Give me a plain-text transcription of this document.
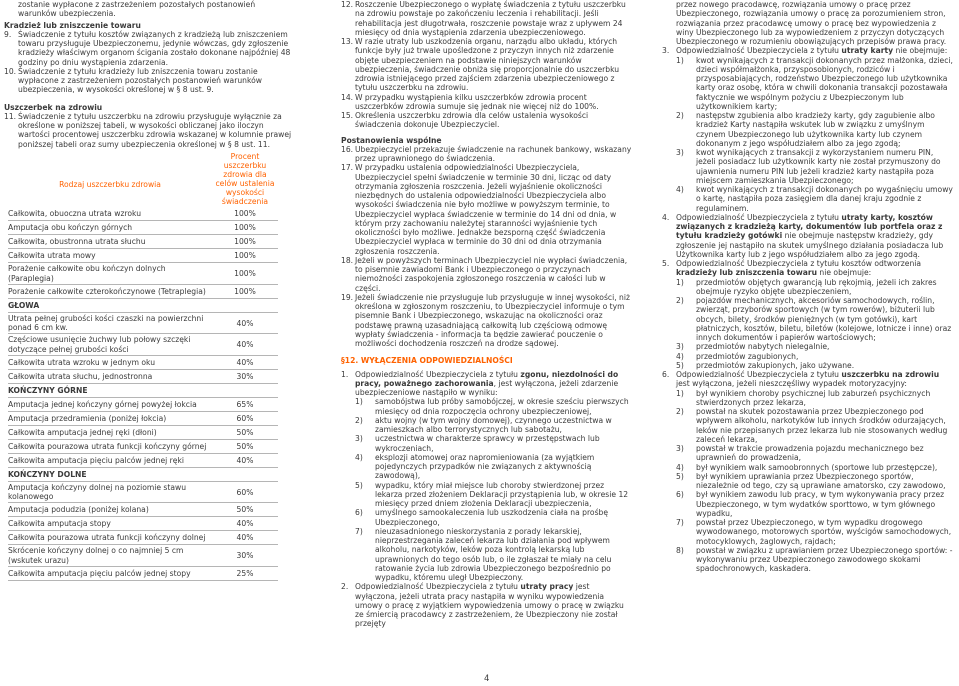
zostanie wypłacone z zastrzeżeniem pozostałych postanowień warunków ubezpieczenia.

Kradzież lub zniszczenie towaru

9. Świadczenie z tytułu kosztów związanych z kradzieżą lub zniszczeniem towaru przysługuje Ubezpieczonemu, jedynie wówczas, gdy zgłoszenie kradzieży właściwym organom ścigania zostało dokonane najpóźniej 48 godziny po dniu wystąpienia zdarzenia.

10. Świadczenie z tytułu kradzieży lub zniszczenia towaru zostanie wypłacone z zastrzeżeniem pozostałych postanowień warunków ubezpieczenia, w wysokości określonej w § 8 ust. 9.

Uszczerbek na zdrowiu

11. Świadczenie z tytułu uszczerbku na zdrowiu przysługuje wyłącznie za określone w poniższej tabeli, w wysokości obliczanej jako iloczyn wartości procentowej uszczerbku zdrowia wskazanej w kolumnie prawej poniższej tabeli oraz sumy ubezpieczenia określonej w § 8 ust. 11.

Rodzaj uszczerbku zdrowia	Procent uszczerbku zdrowia dla celów ustalenia wysokości świadczenia
Całkowita, obuoczna utrata wzroku	100%
Amputacja obu kończyn górnych	100%
Całkowita, obustronna utrata słuchu	100%
Całkowita utrata mowy	100%
Porażenie całkowite obu kończyn dolnych (Paraplegia)	100%
Porażenie całkowite czterokończynowe (Tetraplegia)	100%
GŁOWA	
Utrata pełnej grubości kości czaszki na powierzchni ponad 6 cm kw.	40%
Częściowe usunięcie żuchwy lub połowy szczęki dotyczące pełnej grubości kości	40%
Całkowita utrata wzroku w jednym oku	40%
Całkowita utrata słuchu, jednostronna	30%
KOŃCZYNY GÓRNE	
Amputacja jednej kończyny górnej powyżej łokcia	65%
Amputacja przedramienia (poniżej łokcia)	60%
Całkowita amputacja jednej ręki (dłoni)	50%
Całkowita pourazowa utrata funkcji kończyny górnej	50%
Całkowita amputacja pięciu palców jednej ręki	40%
KOŃCZYNY DOLNE	
Amputacja kończyny dolnej na poziomie stawu kolanowego	60%
Amputacja podudzia (poniżej kolana)	50%
Całkowita amputacja stopy	40%
Całkowita pourazowa utrata funkcji kończyny dolnej	40%
Skrócenie kończyny dolnej o co najmniej 5 cm (wskutek urazu)	30%
Całkowita amputacja pięciu palców jednej stopy	25%

12. Roszczenie Ubezpieczonego o wypłatę świadczenia z tytułu uszczerbku na zdrowiu powstaje po zakończeniu leczenia i rehabilitacji. Jeśli rehabilitacja jest długotrwała, roszczenie powstaje wraz z upływem 24 miesięcy od dnia wystąpienia zdarzenia ubezpieczeniowego.

13. W razie utraty lub uszkodzenia organu, narządu albo układu, których funkcje były już trwale upośledzone z przyczyn innych niż zdarzenie objęte ubezpieczeniem na podstawie niniejszych warunków ubezpieczenia, świadczenie obniża się proporcjonalnie do uszczerbku zdrowia istniejącego przed zajściem zdarzenia ubezpieczeniowego z tytułu uszczerbku na zdrowiu.

14. W przypadku wystąpienia kilku uszczerbków zdrowia procent uszczerbków zdrowia sumuje się jednak nie więcej niż do 100%.

15. Określenia uszczerbku zdrowia dla celów ustalenia wysokości świadczenia dokonuje Ubezpieczyciel.

Postanowienia wspólne

16. Ubezpieczyciel przekazuje świadczenie na rachunek bankowy, wskazany przez uprawnionego do świadczenia.

17. W przypadku ustalenia odpowiedzialności Ubezpieczyciela, Ubezpieczyciel spełni świadczenie w terminie 30 dni, licząc od daty otrzymania zgłoszenia roszczenia. Jeżeli wyjaśnienie okoliczności niezbędnych do ustalenia odpowiedzialności Ubezpieczyciela albo wysokości świadczenia nie było możliwe w powyższym terminie, to Ubezpieczyciel wypłaca świadczenie w terminie do 14 dni od dnia, w którym przy zachowaniu należytej staranności wyjaśnienie tych okoliczności było możliwe. Jednakże bezsporną część świadczenia Ubezpieczyciel wypłaca w terminie do 30 dni od dnia otrzymania zgłoszenia roszczenia.

18. Jeżeli w powyższych terminach Ubezpieczyciel nie wypłaci świadczenia, to pisemnie zawiadomi Bank i Ubezpieczonego o przyczynach niemożności zaspokojenia zgłoszonego roszczenia w całości lub w części.

19. Jeżeli świadczenie nie przysługuje lub przysługuje w innej wysokości, niż określona w zgłoszonym roszczeniu, to Ubezpieczyciel informuje o tym pisemnie Bank i Ubezpieczonego, wskazując na okoliczności oraz podstawę prawną uzasadniającą całkowitą lub częściową odmowę wypłaty świadczenia - informacja ta będzie zawierać pouczenie o możliwości dochodzenia roszczeń na drodze sądowej.

§12. WYŁĄCZENIA ODPOWIEDZIALNOŚCI

1. Odpowiedzialność Ubezpieczyciela z tytułu zgonu, niezdolności do pracy, poważnego zachorowania, jest wyłączona, jeżeli zdarzenie ubezpieczeniowe nastąpiło w wyniku:

1) samobójstwa lub próby samobójczej, w okresie sześciu pierwszych miesięcy od dnia rozpoczęcia ochrony ubezpieczeniowej,

2) aktu wojny (w tym wojny domowej), czynnego uczestnictwa w zamieszkach albo terrorystycznych lub sabotażu,

3) uczestnictwa w charakterze sprawcy w przestępstwach lub wykroczeniach,

4) eksplozji atomowej oraz napromieniowania (za wyjątkiem pojedynczych przypadków nie związanych z aktywnością zawodową),

5) wypadku, który miał miejsce lub choroby stwierdzonej przez lekarza przed złożeniem Deklaracji przystąpienia lub, w okresie 12 miesięcy przed dniem złożenia Deklaracji ubezpieczenia,

6) umyślnego samookaleczenia lub uszkodzenia ciała na prośbę Ubezpieczonego,

7) nieuzasadnionego nieskorzystania z porady lekarskiej, nieprzestrzegania zaleceń lekarza lub działania pod wpływem alkoholu, narkotyków, leków poza kontrolą lekarską lub uprawnionych do tego osób lub, o ile zgłaszał te miały na celu ratowanie życia lub zdrowia Ubezpieczonego bezpośrednio po wypadku, któremu uległ Ubezpieczony.

2. Odpowiedzialność Ubezpieczyciela z tytułu utraty pracy jest wyłączona, jeżeli utrata pracy nastąpiła w wyniku wypowiedzenia umowy o pracę z wyjątkiem wypowiedzenia umowy o pracę w związku ze śmiercią pracodawcy z zastrzeżeniem, że Ubezpieczony nie został przejęty

przez nowego pracodawcę, rozwiązania umowy o pracę przez Ubezpieczonego, rozwiązania umowy o pracę za porozumieniem stron, rozwiązania przez pracodawcę umowy o pracę bez wypowiedzenia z winy Ubezpieczonego lub za wypowiedzeniem z przyczyn dotyczących Ubezpieczonego w rozumieniu obowiązujących przepisów prawa pracy.

3. Odpowiedzialność Ubezpieczyciela z tytułu utraty karty nie obejmuje:

1) kwot wynikających z transakcji dokonanych przez małżonka, dzieci, dzieci współmałżonka, przysposobionych, rodziców i przysposabiających, rodzeństwo Ubezpieczonego lub użytkownika karty oraz osobę, która w chwili dokonania transakcji pozostawała faktycznie we wspólnym pożyciu z Ubezpieczonym lub użytkownikiem karty;

2) następstw zgubienia albo kradzieży karty, gdy zagubienie albo kradzież Karty nastąpiła wskutek lub w związku z umyślnym czynem Ubezpieczonego lub użytkownika karty lub czynem dokonanym z jego współudziałem albo za jego zgodą;

3) kwot wynikających z transakcji z wykorzystaniem numeru PIN, jeżeli posiadacz lub użytkownik karty nie został przymuszony do ujawnienia numeru PIN lub jeżeli kradzież karty nastąpiła poza miejscem zamieszkania Ubezpieczonego;

4) kwot wynikających z transakcji dokonanych po wygaśnięciu umowy o kartę, nastąpiła poza zasięgiem dla danej kraju zgodnie z regulaminem.

4. Odpowiedzialność Ubezpieczyciela z tytułu utraty karty, kosztów związanych z kradzieżą karty, dokumentów lub portfela oraz z tytułu kradzieży gotówki nie obejmuje następstw kradzieży, gdy zgłoszenie jej nastąpiło na skutek umyślnego działania posiadacza lub Użytkownika karty lub z jego współudziałem albo za jego zgodą.

5. Odpowiedzialność Ubezpieczyciela z tytułu kosztów odtworzenia kradzieży lub zniszczenia towaru nie obejmuje:

1) przedmiotów objętych gwarancją lub rękojmią, jeżeli ich zakres obejmuje ryzyko objęte ubezpieczeniem,

2) pojazdów mechanicznych, akcesoriów samochodowych, roślin, zwierząt, przyborów sportowych (w tym rowerów), biżuterii lub obcych, bilety, środków pieniężnych (w tym gotówki), kart płatniczych, kosztów, biletu, biletów (kolejowe, lotnicze i inne) oraz innych dokumentów i papierów wartościowych;

3) przedmiotów nabytych nielegalnie,

4) przedmiotów zagubionych,

5) przedmiotów zakupionych, jako używane.

6. Odpowiedzialność Ubezpieczyciela z tytułu uszczerbku na zdrowiu jest wyłączona, jeżeli nieszczęśliwy wypadek motoryzacyjny:

1) był wynikiem choroby psychicznej lub zaburzeń psychicznych stwierdzonych przez lekarza,

2) powstał na skutek pozostawania przez Ubezpieczonego pod wpływem alkoholu, narkotyków lub innych środków odurzających, leków nie przepisanych przez lekarza lub nie stosowanych według zaleceń lekarza,

3) powstał w trakcie prowadzenia pojazdu mechanicznego bez uprawnień do prowadzenia,

4) był wynikiem walk samoobronnych (sportowe lub przestępcze),

5) był wynikiem uprawiania przez Ubezpieczonego sportów, niezależnie od tego, czy są uprawiane amatorsko, czy zawodowo,

6) był wynikiem zawodu lub pracy, w tym wykonywania pracy przez Ubezpieczonego, w tym wydatków sporttowo, w tym głównego wypadku,

7) powstał przez Ubezpieczonego, w tym wypadku drogowego wywodowanego, motorowych sportów, wyścigów samochodowych, motocyklowych, żaglowych, rajdach;

8) powstał w związku z uprawianiem przez Ubezpieczonego sportów: - wykonywaniu przez Ubezpieczonego zawodowego skokami spadochronowych, kaskadera.

4
